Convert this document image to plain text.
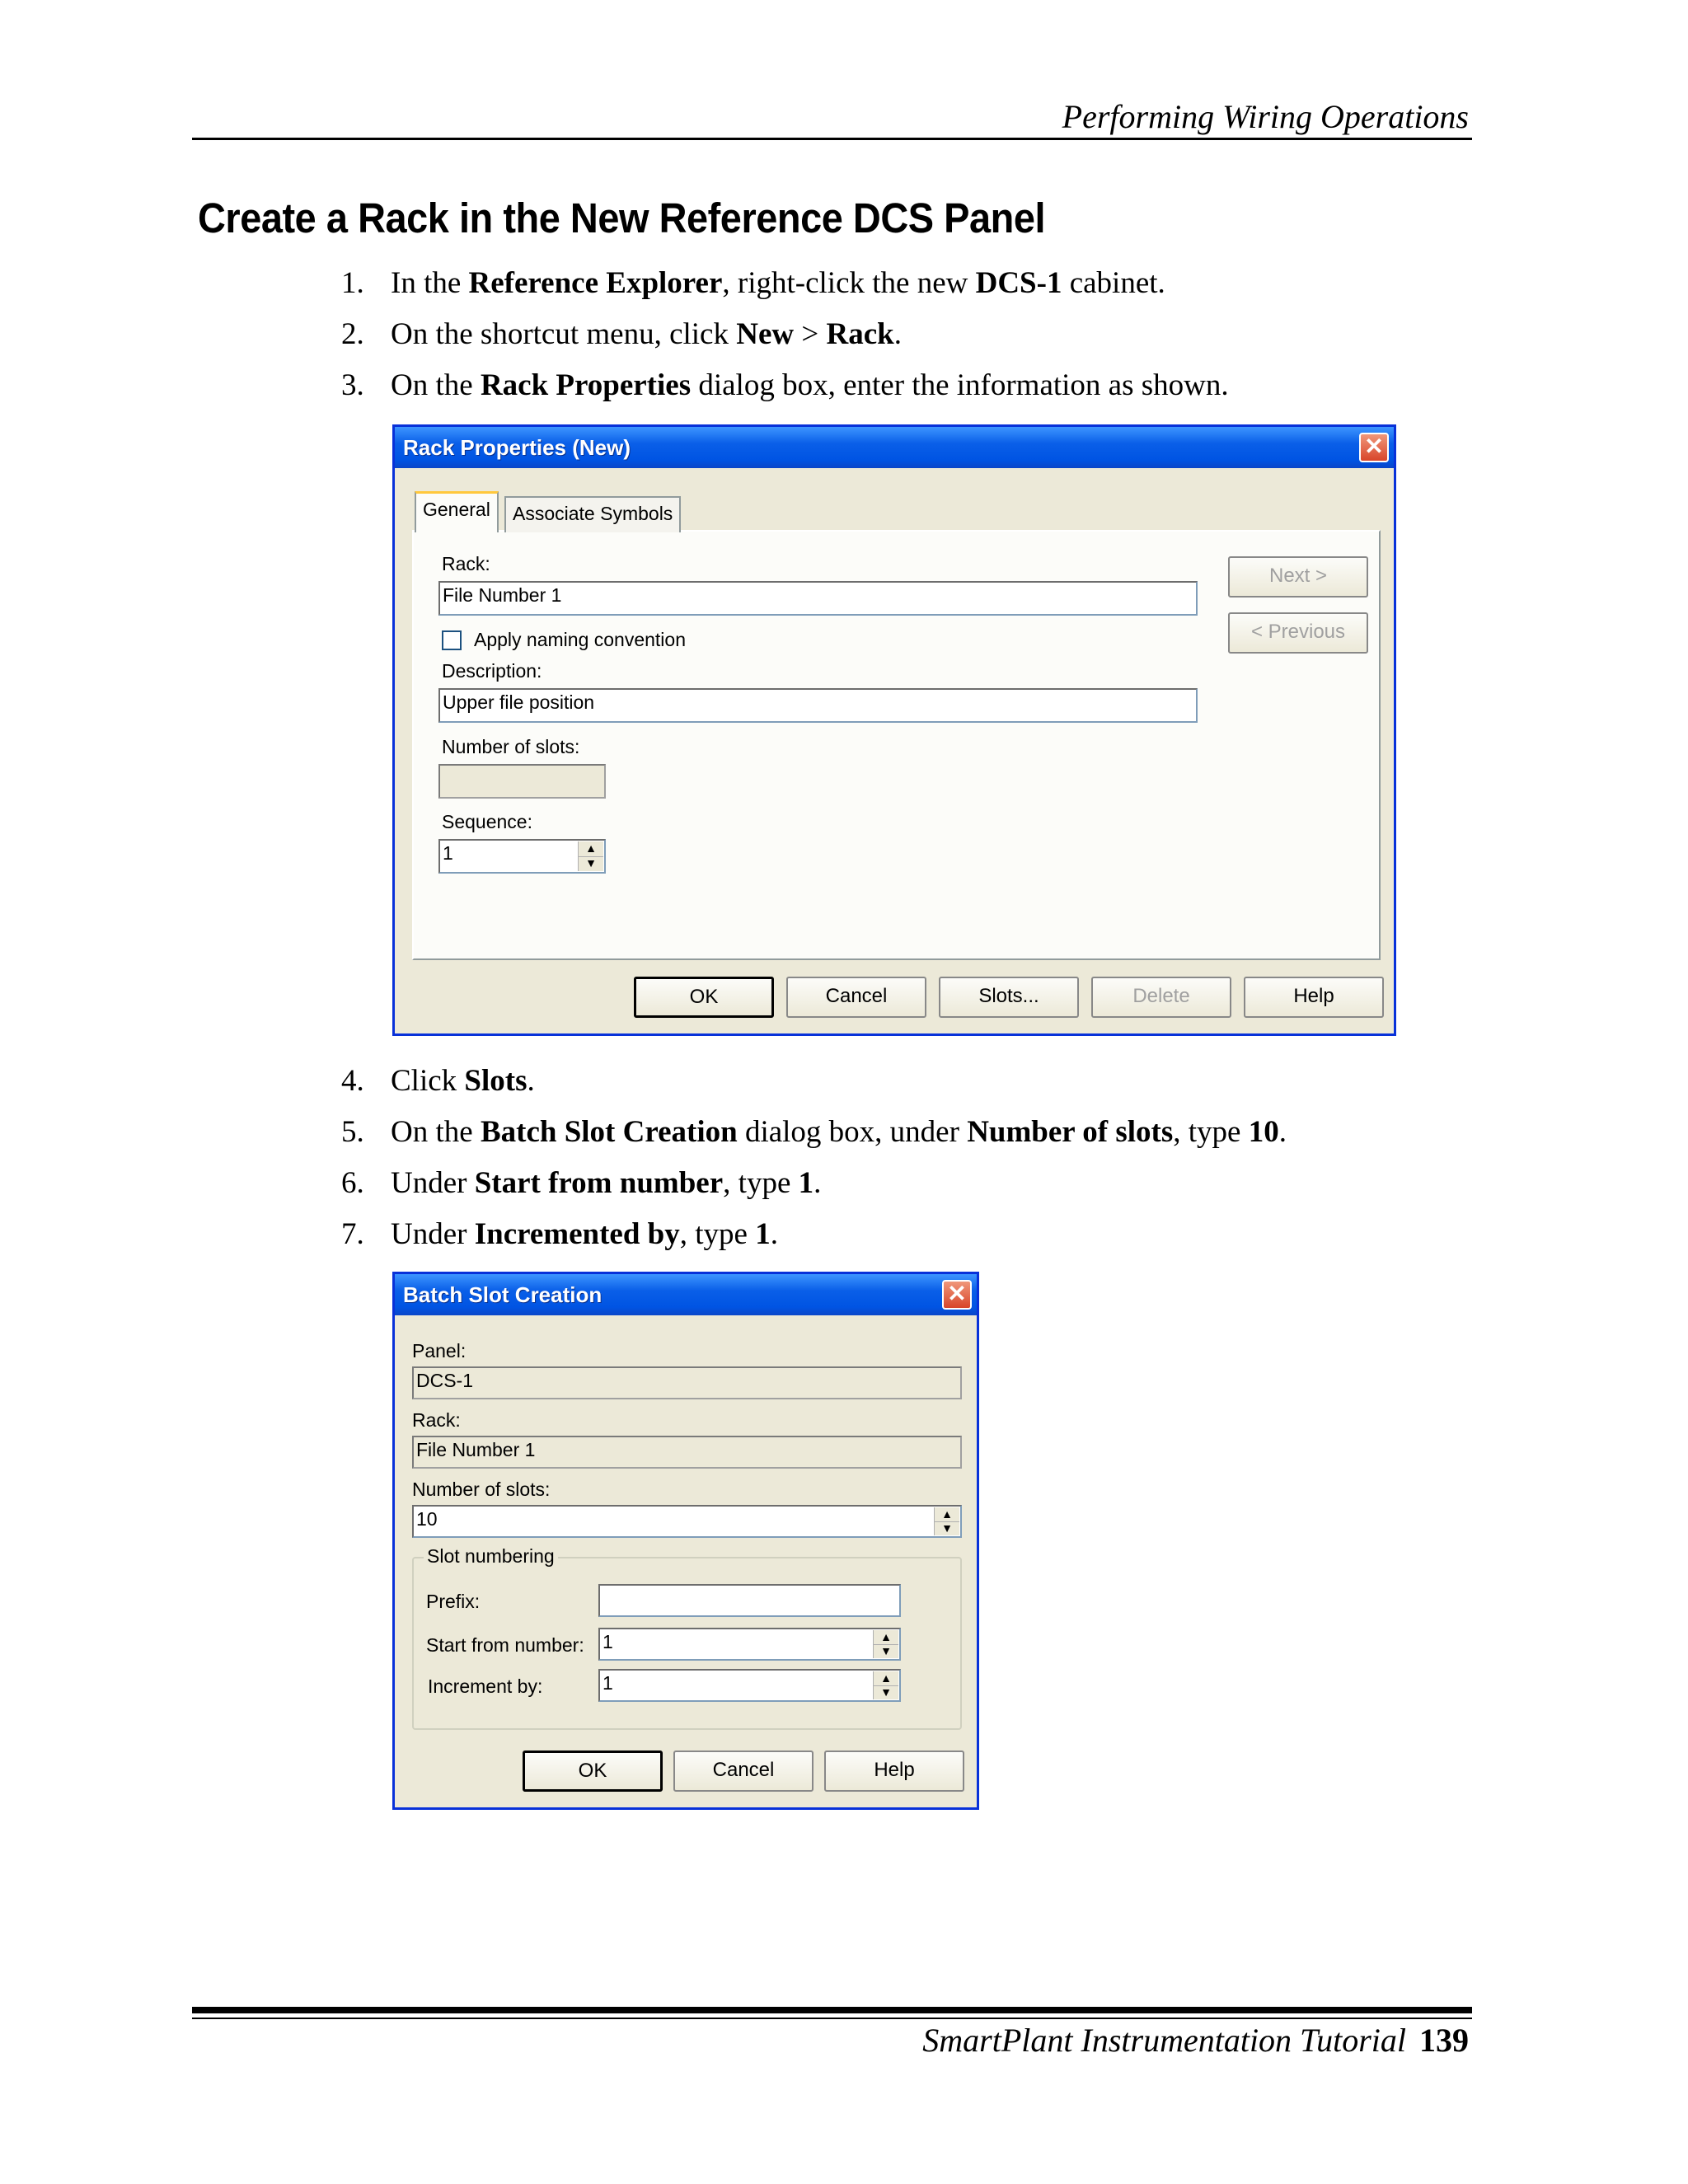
Performing Wiring Operations
Create a Rack in the New Reference DCS Panel
1. In the Reference Explorer, right-click the new DCS-1 cabinet.
2. On the shortcut menu, click New > Rack.
3. On the Rack Properties dialog box, enter the information as shown.
Rack Properties (New)	✕
General	Associate Symbols
Rack:
File Number 1
Apply naming convention
Description:
Upper file position
Number of slots:
Sequence:
1	▲
▼
Next >
< Previous
OK	Cancel	Slots...	Delete	Help
4. Click Slots.
5. On the Batch Slot Creation dialog box, under Number of slots, type 10.
6. Under Start from number, type 1.
7. Under Incremented by, type 1.
Batch Slot Creation	✕
Panel:
DCS-1
Rack:
File Number 1
Number of slots:
10	▲
▼
Slot numbering
Prefix:
Start from number: 1	▲
▼
Increment by:	1	▲
▼
OK	Cancel	Help
SmartPlant Instrumentation Tutorial 139
